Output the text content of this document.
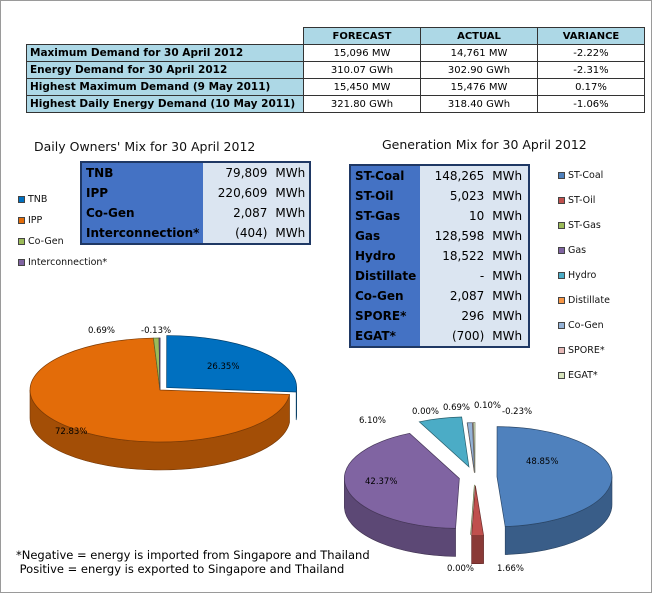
	FORECAST	ACTUAL	VARIANCE
Maximum Demand for 30 April 2012	15,096 MW	14,761 MW	-2.22%
Energy Demand for 30 April 2012	310.07 GWh	302.90 GWh	-2.31%
Highest Maximum Demand (9 May 2011)	15,450 MW	15,476 MW	0.17%
Highest Daily Energy Demand (10 May 2011)	321.80 GWh	318.40 GWh	-1.06%
Daily Owners' Mix for 30 April 2012	Generation Mix for 30 April 2012
TNB	79,809	MWh
IPP	220,609	MWh
Co-Gen	2,087	MWh
Interconnection*	(404)	MWh
ST-Coal	148,265	MWh
ST-Oil	5,023	MWh
ST-Gas	10	MWh
Gas	128,598	MWh
Hydro	18,522	MWh
Distillate	-	MWh
Co-Gen	2,087	MWh
SPORE*	296	MWh
EGAT*	(700)	MWh
TNB
IPP
Co-Gen
Interconnection*
ST-Coal
ST-Oil
ST-Gas
Gas
Hydro
Distillate
Co-Gen
SPORE*
EGAT*
26.35%
72.83%
0.69%	-0.13%
48.85%
1.66%
0.00%
42.37%
6.10%
0.00% 0.69% 0.10%
-0.23%
*Negative = energy is imported from Singapore and Thailand
Positive = energy is exported to Singapore and Thailand
